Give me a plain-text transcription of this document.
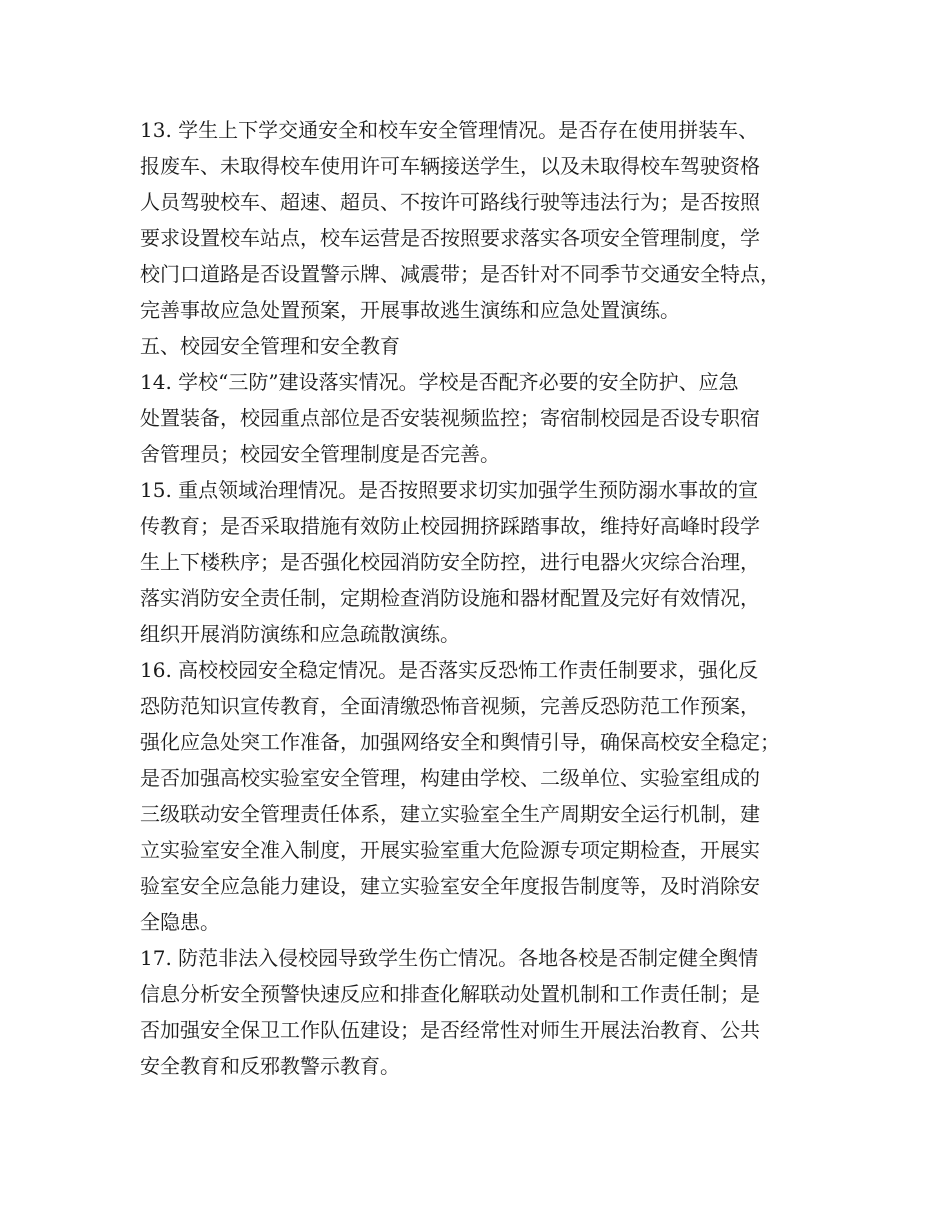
13. 学生上下学交通安全和校车安全管理情况。是否存在使用拼装车、
报废车、未取得校车使用许可车辆接送学生，以及未取得校车驾驶资格
人员驾驶校车、超速、超员、不按许可路线行驶等违法行为；是否按照
要求设置校车站点，校车运营是否按照要求落实各项安全管理制度，学
校门口道路是否设置警示牌、减震带；是否针对不同季节交通安全特点，
完善事故应急处置预案，开展事故逃生演练和应急处置演练。
五、校园安全管理和安全教育
14. 学校“三防”建设落实情况。学校是否配齐必要的安全防护、应急
处置装备，校园重点部位是否安装视频监控；寄宿制校园是否设专职宿
舍管理员；校园安全管理制度是否完善。
15. 重点领域治理情况。是否按照要求切实加强学生预防溺水事故的宣
传教育；是否采取措施有效防止校园拥挤踩踏事故，维持好高峰时段学
生上下楼秩序；是否强化校园消防安全防控，进行电器火灾综合治理，
落实消防安全责任制，定期检查消防设施和器材配置及完好有效情况，
组织开展消防演练和应急疏散演练。
16. 高校校园安全稳定情况。是否落实反恐怖工作责任制要求，强化反
恐防范知识宣传教育，全面清缴恐怖音视频，完善反恐防范工作预案，
强化应急处突工作准备，加强网络安全和舆情引导，确保高校安全稳定；
是否加强高校实验室安全管理，构建由学校、二级单位、实验室组成的
三级联动安全管理责任体系，建立实验室全生产周期安全运行机制，建
立实验室安全准入制度，开展实验室重大危险源专项定期检查，开展实
验室安全应急能力建设，建立实验室安全年度报告制度等，及时消除安
全隐患。
17. 防范非法入侵校园导致学生伤亡情况。各地各校是否制定健全舆情
信息分析安全预警快速反应和排查化解联动处置机制和工作责任制；是
否加强安全保卫工作队伍建设；是否经常性对师生开展法治教育、公共
安全教育和反邪教警示教育。
